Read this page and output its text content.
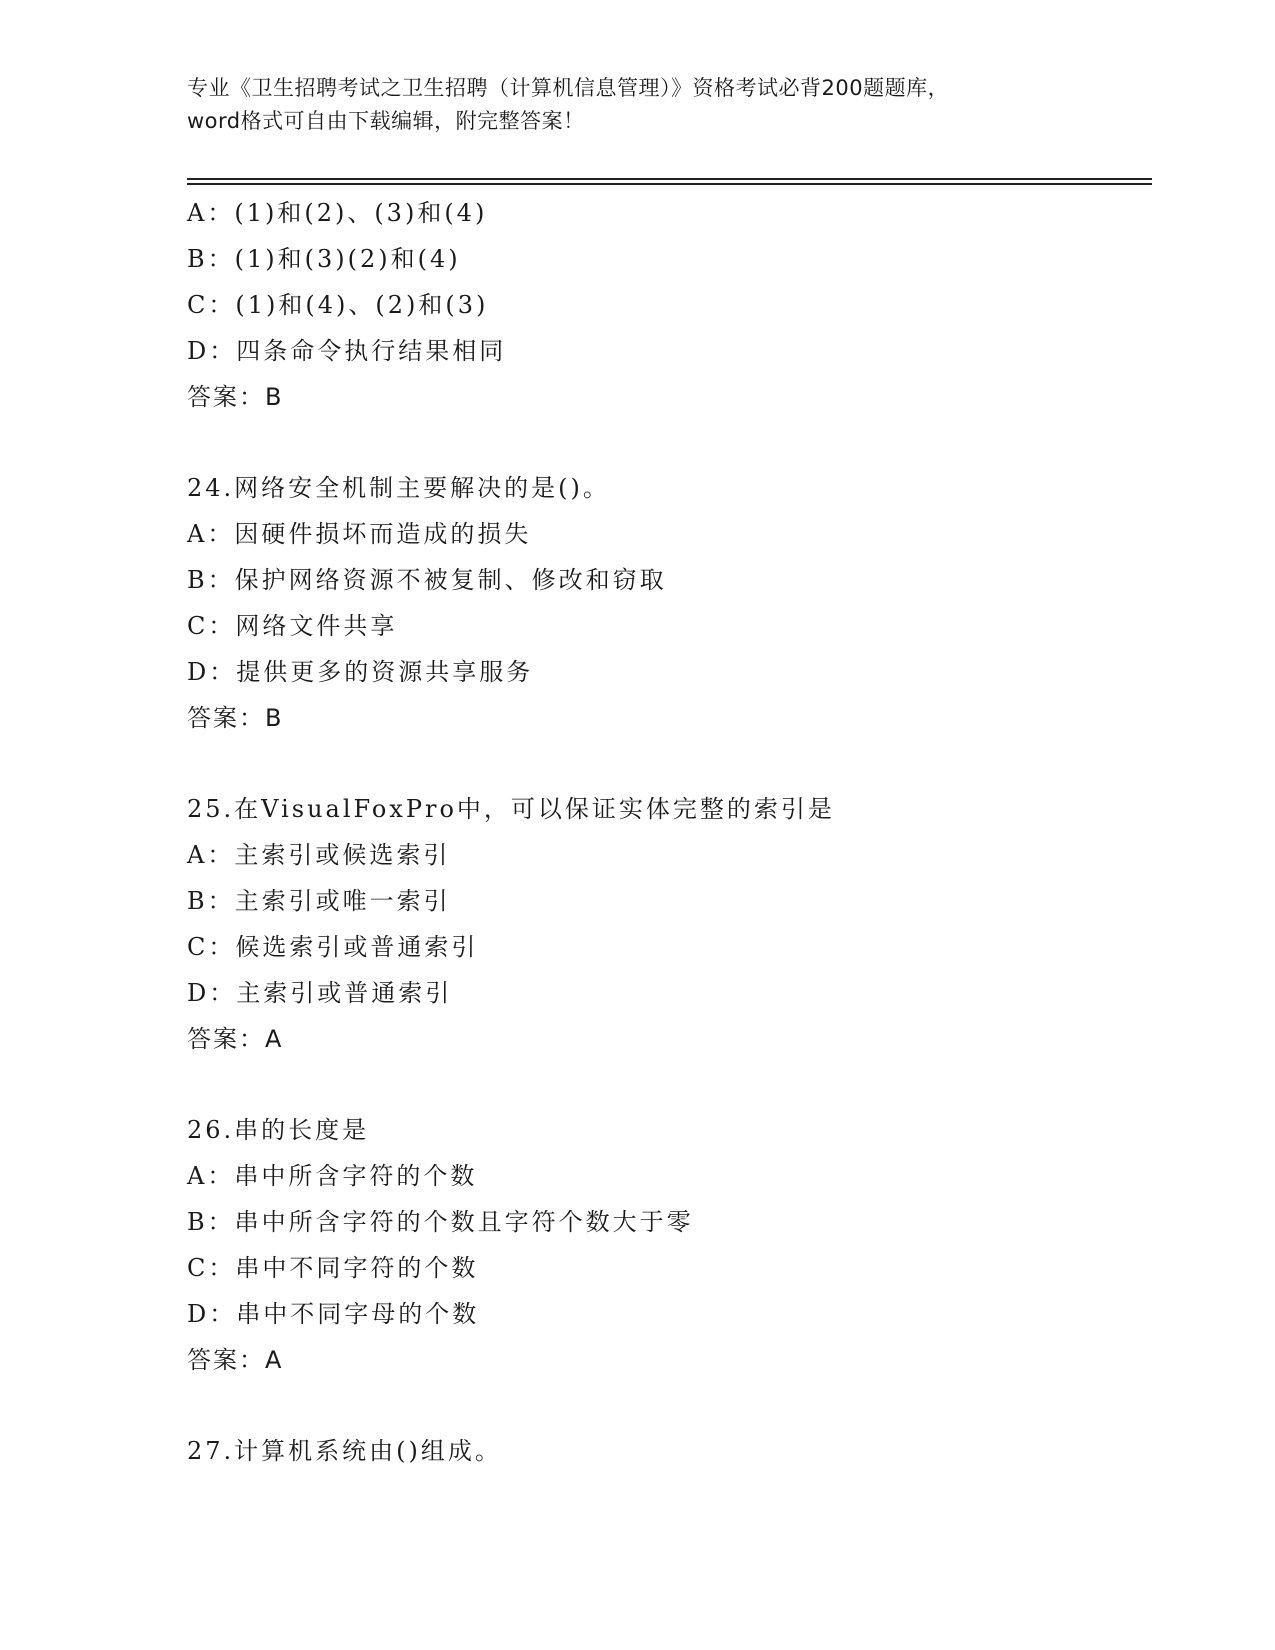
专业《卫生招聘考试之卫生招聘（计算机信息管理）》资格考试必背200题题库，
word格式可自由下载编辑，附完整答案！
A：(1)和(2)、(3)和(4)
B：(1)和(3)(2)和(4)
C：(1)和(4)、(2)和(3)
D：四条命令执行结果相同
答案：B
24.网络安全机制主要解决的是()。
A：因硬件损坏而造成的损失
B：保护网络资源不被复制、修改和窃取
C：网络文件共享
D：提供更多的资源共享服务
答案：B
25.在VisualFoxPro中，可以保证实体完整的索引是
A：主索引或候选索引
B：主索引或唯一索引
C：候选索引或普通索引
D：主索引或普通索引
答案：A
26.串的长度是
A：串中所含字符的个数
B：串中所含字符的个数且字符个数大于零
C：串中不同字符的个数
D：串中不同字母的个数
答案：A
27.计算机系统由()组成。
